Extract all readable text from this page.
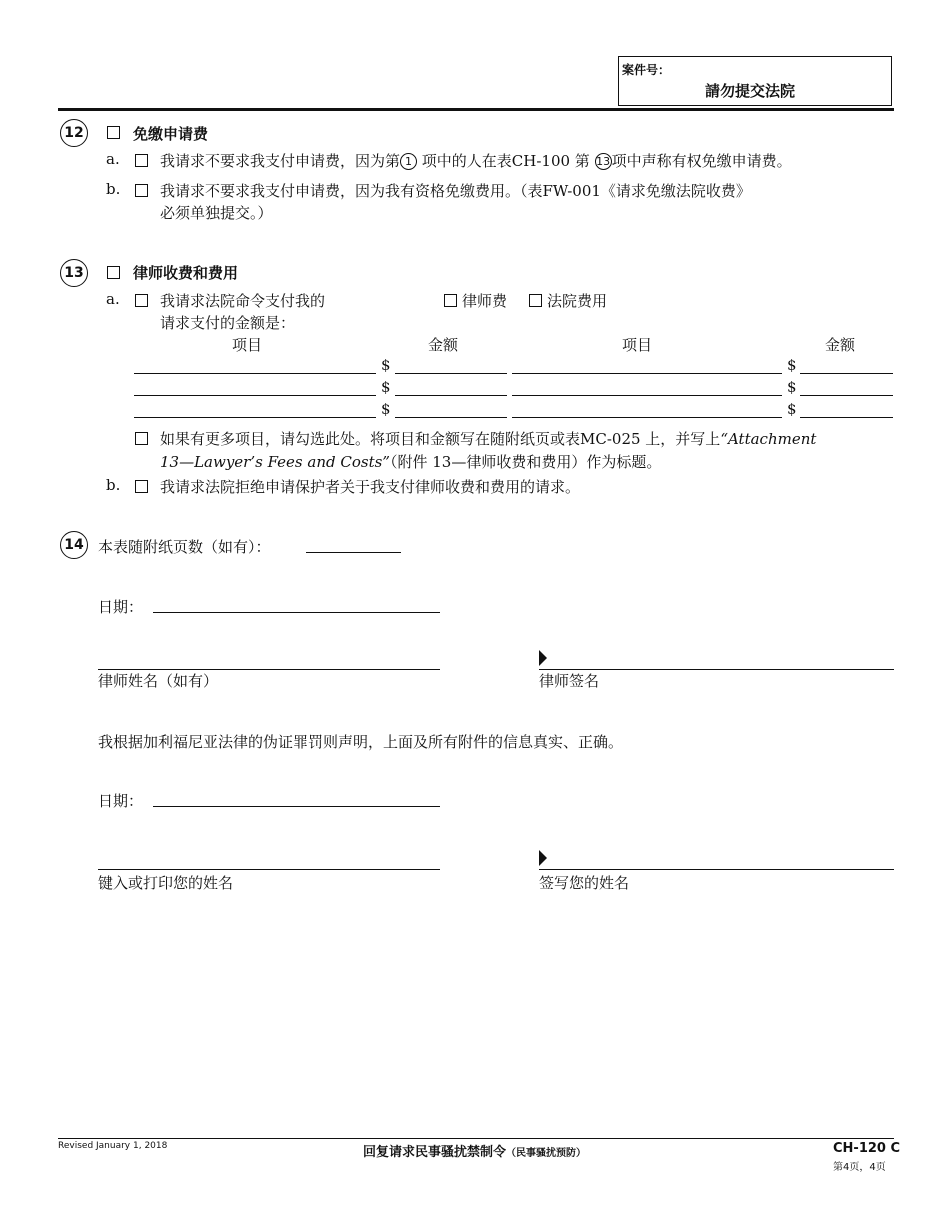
案件号：
請勿提交法院
12	免缴申请费
a.	我请求不要求我支付申请费，因为第 1 项中的人在表CH-100 第 13 项中声称有权免缴申请费。
b.	我请求不要求我支付申请费，因为我有资格免缴费用。（表FW-001《请求免缴法院收费》
必须单独提交。）
13	律师收费和费用
a.	我请求法院命令支付我的	律师费	法院费用
请求支付的金额是：
项目	金额	项目	金额
$	$
$	$
$	$
如果有更多项目，请勾选此处。将项目和金额写在随附纸页或表MC-025 上，并写上“Attachment
13—Lawyer’s Fees and Costs”（附件 13—律师收费和费用）作为标题。
b.	我请求法院拒绝申请保护者关于我支付律师收费和费用的请求。
14 本表随附纸页数（如有）：
日期：
律师姓名（如有）	律师签名
我根据加利福尼亚法律的伪证罪罚则声明，上面及所有附件的信息真实、正确。
日期：
键入或打印您的姓名	签写您的姓名
Revised January 1, 2018	回复请求民事骚扰禁制令（民事骚扰预防）	CH-120 C
第4页，4页
